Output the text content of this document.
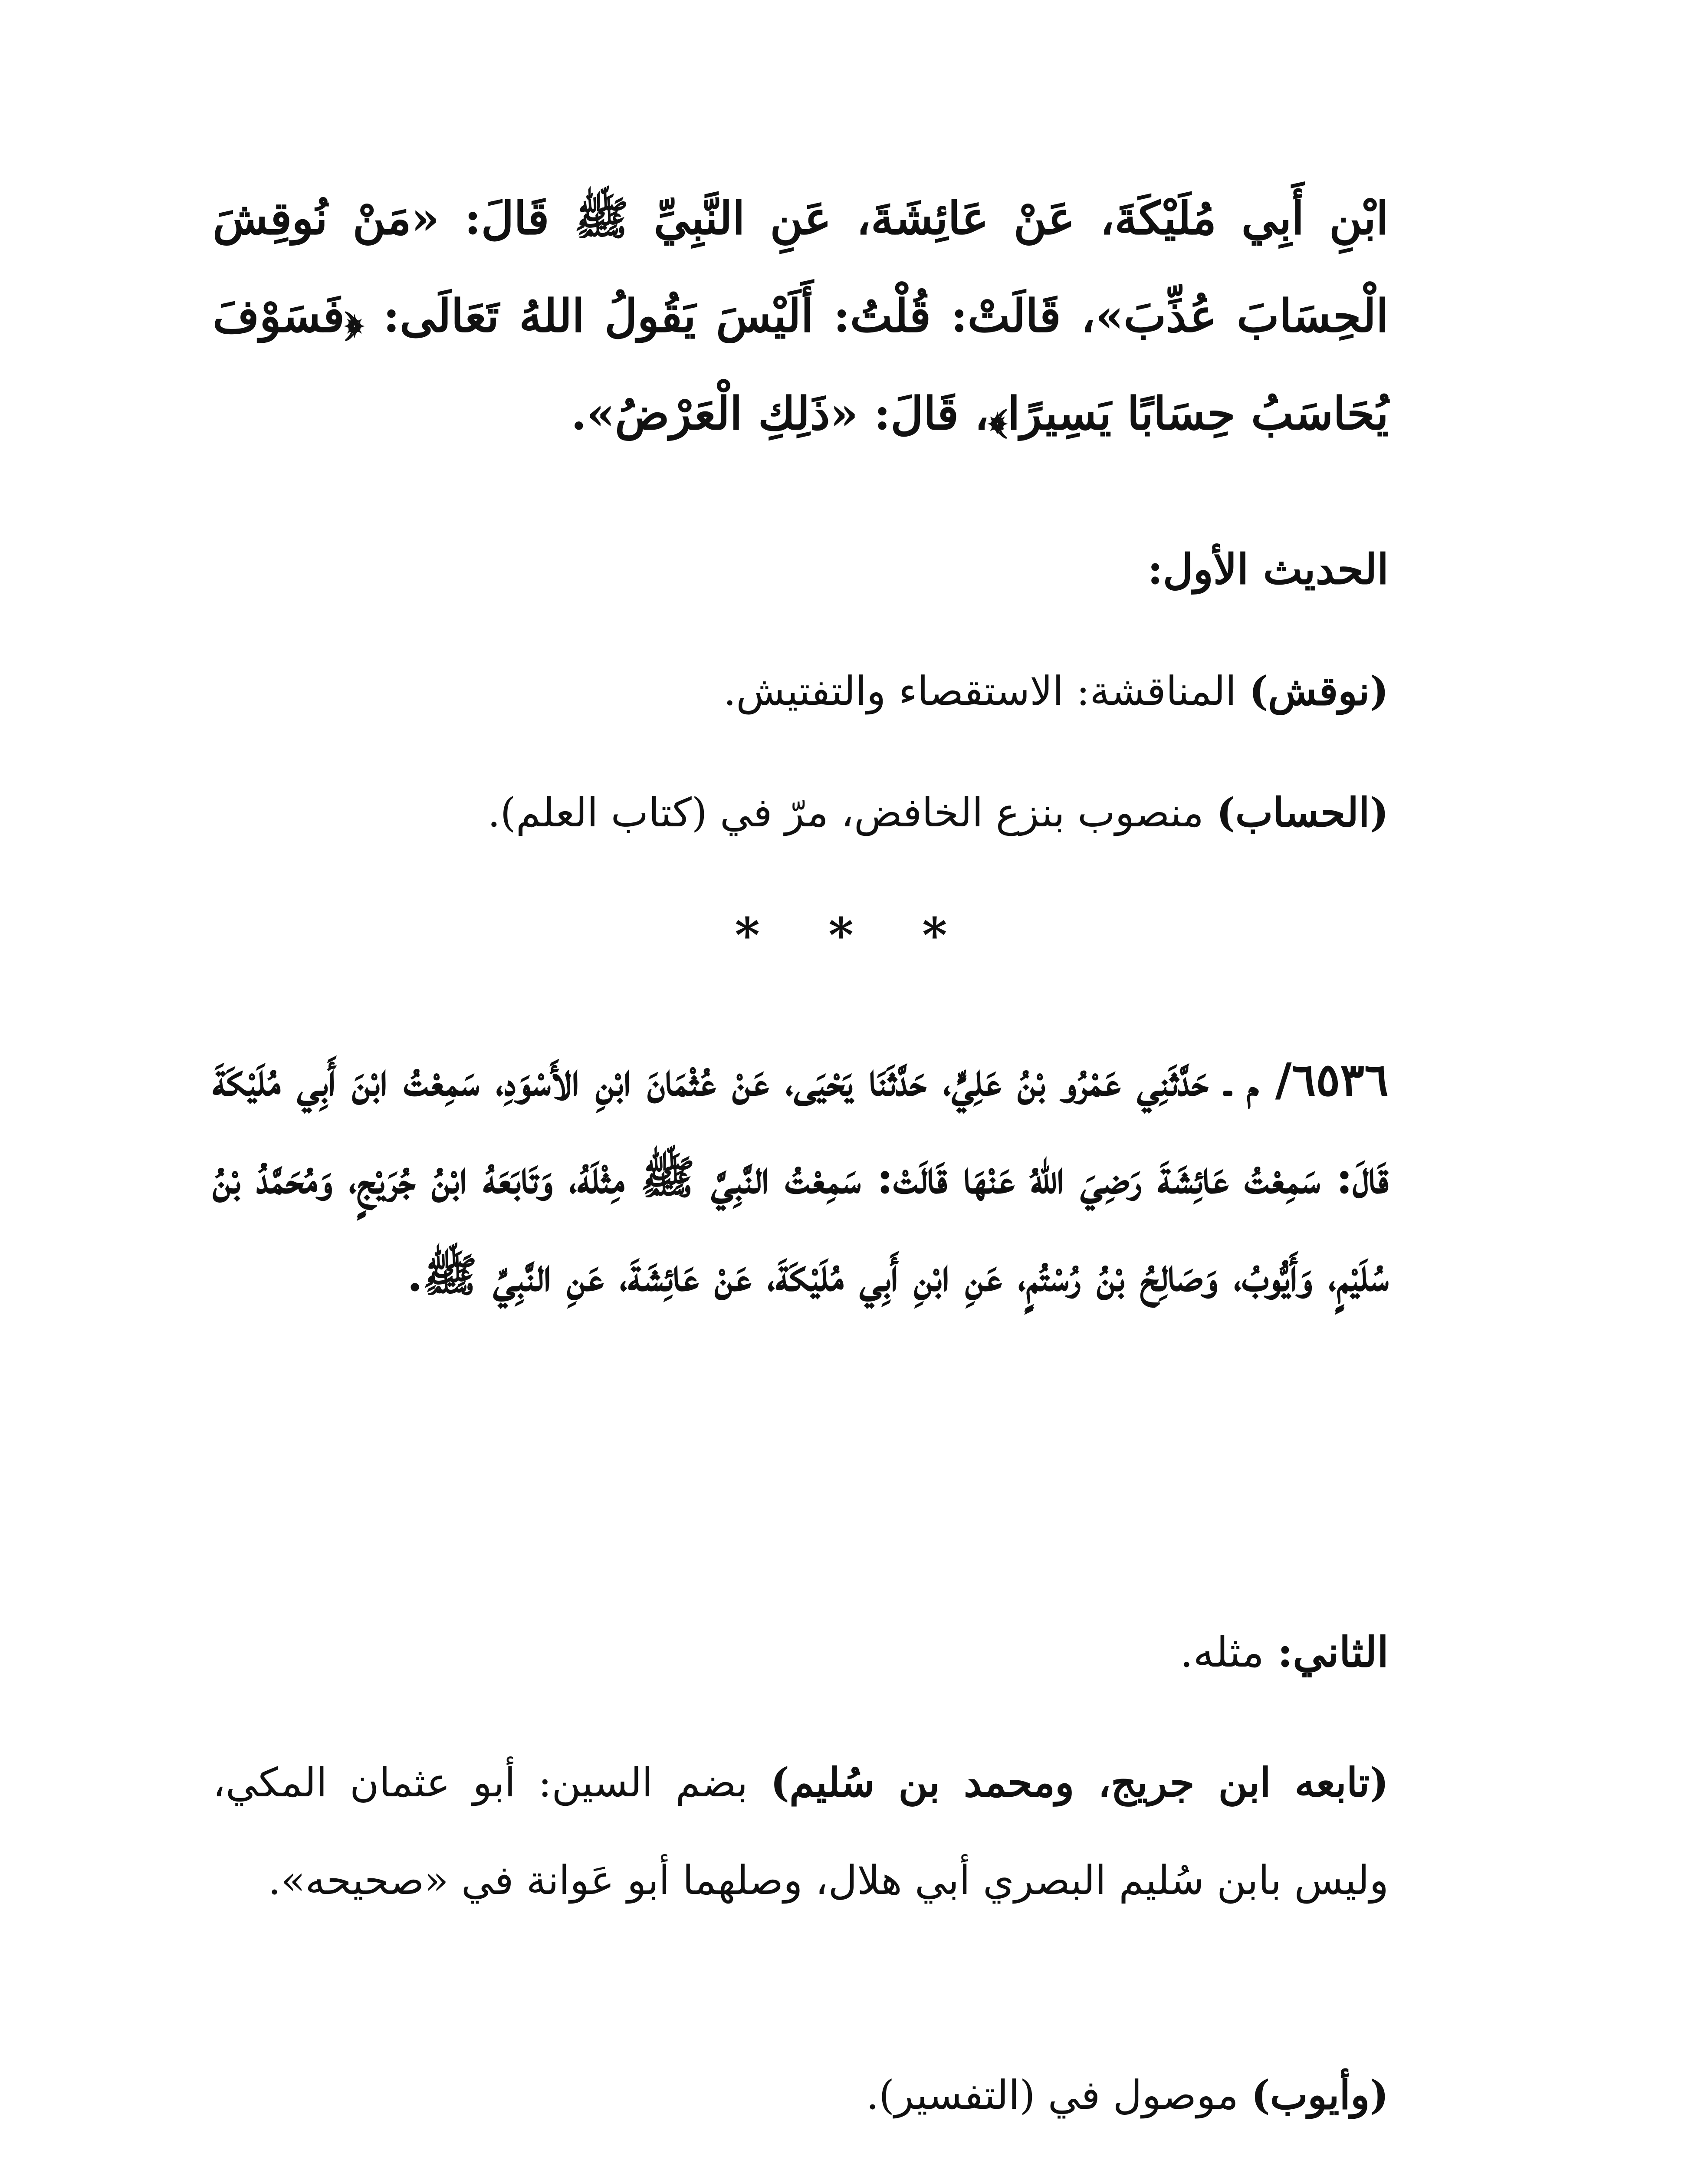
ابْنِ أَبِي مُلَيْكَةَ، عَنْ عَائِشَةَ، عَنِ النَّبِيِّ ﷺ قَالَ: «مَنْ نُوقِشَ الْحِسَابَ عُذِّبَ»، قَالَتْ: قُلْتُ: أَلَيْسَ يَقُولُ اللهُ تَعَالَى: ﴿فَسَوْفَ يُحَاسَبُ حِسَابًا يَسِيرًا﴾، قَالَ: «ذَلِكِ الْعَرْضُ».

الحديث الأول:

(نوقش) المناقشة: الاستقصاء والتفتيش.

(الحساب) منصوب بنزع الخافض، مرّ في (كتاب العلم).

* * *

٦٥٣٦/ م ـ حَدَّثَنِي عَمْرُو بْنُ عَلِيٍّ، حَدَّثَنَا يَحْيَى، عَنْ عُثْمَانَ ابْنِ الأَسْوَدِ، سَمِعْتُ ابْنَ أَبِي مُلَيْكَةَ قَالَ: سَمِعْتُ عَائِشَةَ رَضِيَ اللهُ عَنْهَا قَالَتْ: سَمِعْتُ النَّبِيَّ ﷺ مِثْلَهُ، وَتَابَعَهُ ابْنُ جُرَيْجٍ، وَمُحَمَّدُ بْنُ سُلَيْمٍ، وَأَيُّوبُ، وَصَالِحُ بْنُ رُسْتُمٍ، عَنِ ابْنِ أَبِي مُلَيْكَةَ، عَنْ عَائِشَةَ، عَنِ النَّبِيِّ ﷺ.

الثاني: مثله.

(تابعه ابن جريج، ومحمد بن سُليم) بضم السين: أبو عثمان المكي، وليس بابن سُليم البصري أبي هلال، وصلهما أبو عَوانة في «صحيحه».

(وأيوب) موصول في (التفسير).
